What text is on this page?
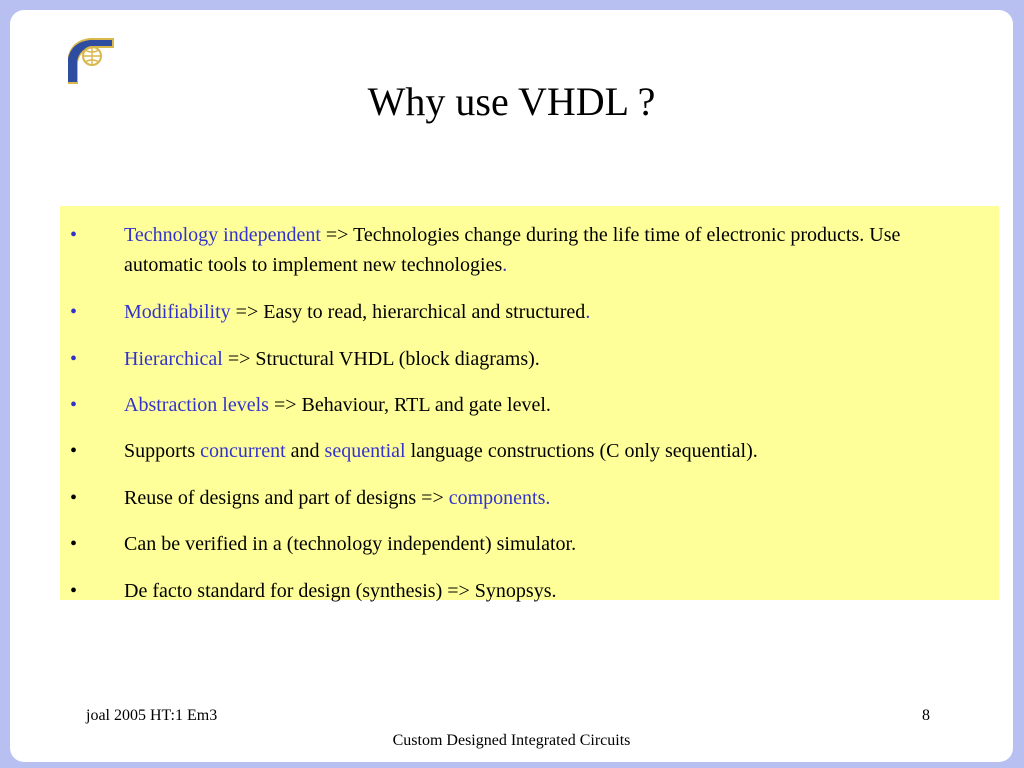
Why use VHDL ?
• Technology independent => Technologies change during the life time of electronic products. Use automatic tools to implement new technologies.
• Modifiability => Easy to read, hierarchical and structured.
• Hierarchical => Structural VHDL (block diagrams).
• Abstraction levels => Behaviour, RTL and gate level.
• Supports concurrent and sequential language constructions (C only sequential).
• Reuse of designs and part of designs => components.
• Can be verified in a (technology independent) simulator.
• De facto standard for design (synthesis) => Synopsys.
joal 2005 HT:1 Em3	8
Custom Designed Integrated Circuits
